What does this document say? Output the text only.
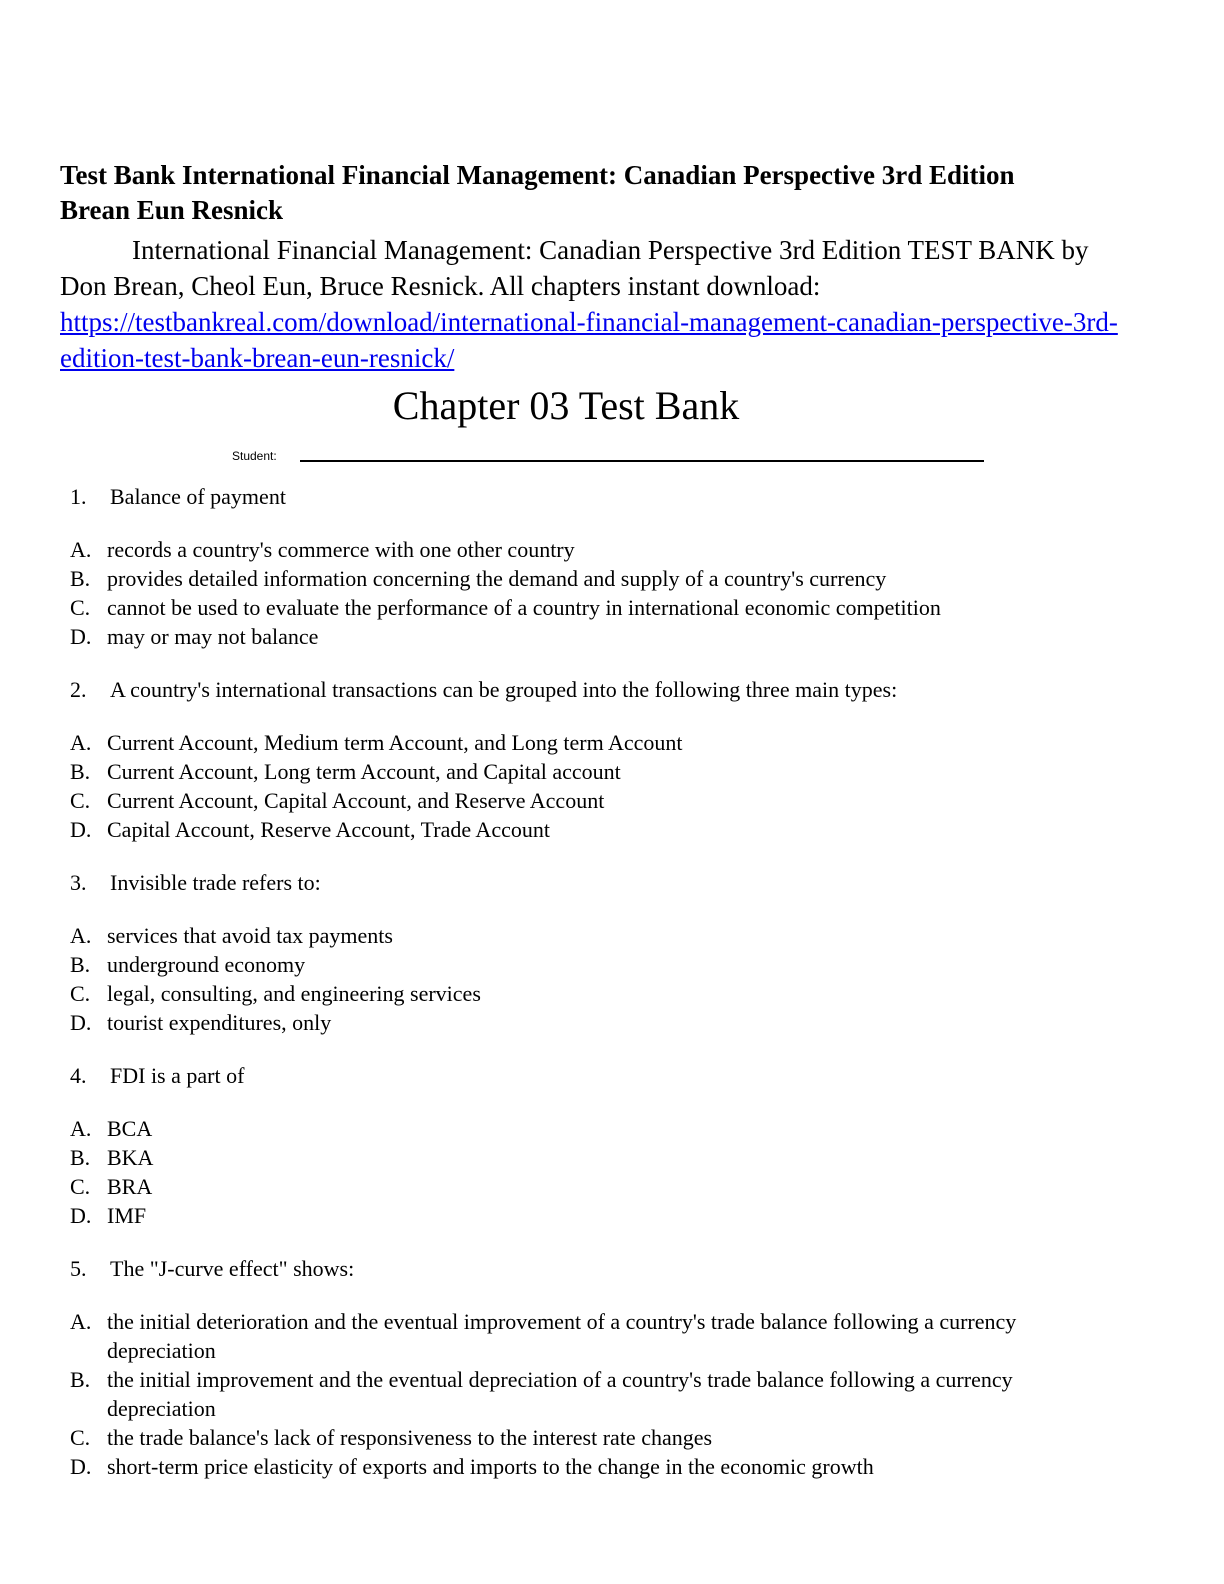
Test Bank International Financial Management: Canadian Perspective 3rd Edition Brean Eun Resnick

International Financial Management: Canadian Perspective 3rd Edition TEST BANK by Don Brean, Cheol Eun, Bruce Resnick. All chapters instant download: https://testbankreal.com/download/international-financial-management-canadian-perspective-3rd-edition-test-bank-brean-eun-resnick/

Chapter 03 Test Bank
Student:
1. Balance of payment
A. records a country's commerce with one other country
B. provides detailed information concerning the demand and supply of a country's currency
C. cannot be used to evaluate the performance of a country in international economic competition
D. may or may not balance
2. A country's international transactions can be grouped into the following three main types:
A. Current Account, Medium term Account, and Long term Account
B. Current Account, Long term Account, and Capital account
C. Current Account, Capital Account, and Reserve Account
D. Capital Account, Reserve Account, Trade Account
3. Invisible trade refers to:
A. services that avoid tax payments
B. underground economy
C. legal, consulting, and engineering services
D. tourist expenditures, only
4. FDI is a part of
A. BCA
B. BKA
C. BRA
D. IMF
5. The "J-curve effect" shows:
A. the initial deterioration and the eventual improvement of a country's trade balance following a currency depreciation
B. the initial improvement and the eventual depreciation of a country's trade balance following a currency depreciation
C. the trade balance's lack of responsiveness to the interest rate changes
D. short-term price elasticity of exports and imports to the change in the economic growth
